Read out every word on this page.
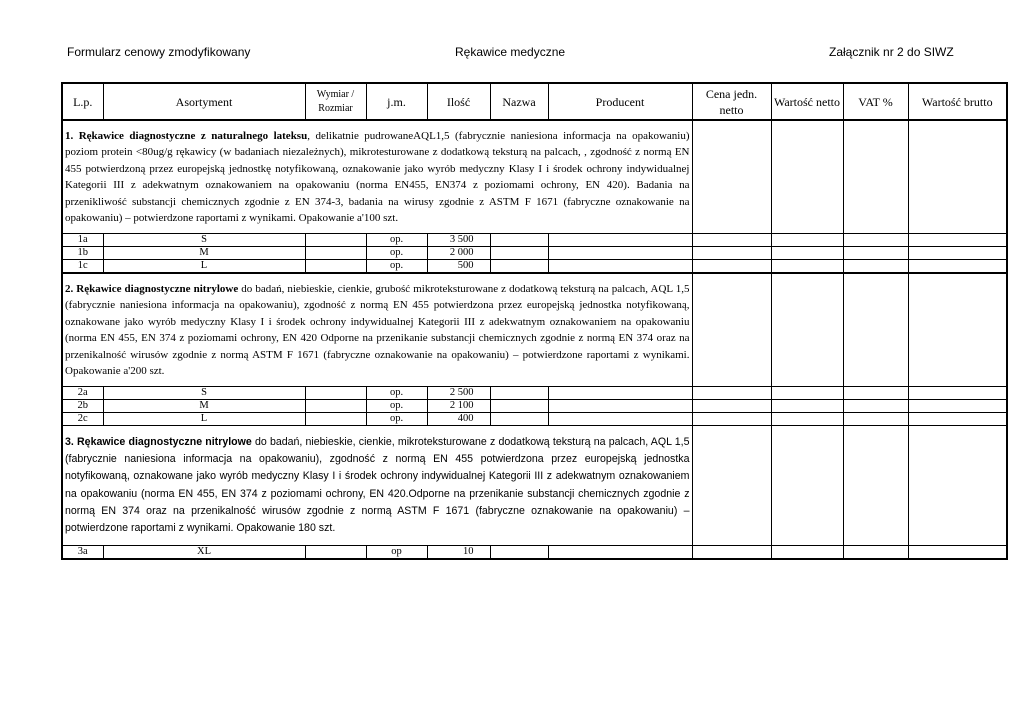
Formularz cenowy zmodyfikowany	Rękawice medyczne	Załącznik nr 2 do SIWZ
L.p.	Asortyment	Wymiar / Rozmiar	j.m.	Ilość	Nazwa	Producent	Cena jedn. netto	Wartość netto	VAT %	Wartość brutto
1. Rękawice diagnostyczne z naturalnego lateksu, delikatnie pudrowaneAQL1,5 (fabrycznie naniesiona informacja na opakowaniu) poziom protein <80ug/g rękawicy (w badaniach niezależnych), mikrotesturowane z dodatkową teksturą na palcach, , zgodność z normą EN 455 potwierdzoną przez europejską jednostkę notyfikowaną, oznakowanie jako wyrób medyczny Klasy I i środek ochrony indywidualnej Kategorii III z adekwatnym oznakowaniem na opakowaniu (norma EN455, EN374 z poziomami ochrony, EN 420). Badania na przenikliwość substancji chemicznych zgodnie z EN 374-3, badania na wirusy zgodnie z ASTM F 1671 (fabryczne oznakowanie na opakowaniu) – potwierdzone raportami z wynikami. Opakowanie a'100 szt.										
1a	S		op.	3 500						
1b	M		op.	2 000						
1c	L		op.	500						
2. Rękawice diagnostyczne nitrylowe do badań, niebieskie, cienkie, grubość mikroteksturowane z dodatkową teksturą na palcach, AQL 1,5 (fabrycznie naniesiona informacja na opakowaniu), zgodność z normą EN 455 potwierdzona przez europejską jednostka notyfikowaną, oznakowane jako wyrób medyczny Klasy I i środek ochrony indywidualnej Kategorii III z adekwatnym oznakowaniem na opakowaniu (norma EN 455, EN 374 z poziomami ochrony, EN 420 Odporne na przenikanie substancji chemicznych zgodnie z normą EN 374 oraz na przenikalność wirusów zgodnie z normą ASTM F 1671 (fabryczne oznakowanie na opakowaniu) – potwierdzone raportami z wynikami. Opakowanie a'200 szt.										
2a	S		op.	2 500						
2b	M		op.	2 100						
2c	L		op.	400						
3. Rękawice diagnostyczne nitrylowe do badań, niebieskie, cienkie, mikroteksturowane z dodatkową teksturą na palcach, AQL 1,5 (fabrycznie naniesiona informacja na opakowaniu), zgodność z normą EN 455 potwierdzona przez europejską jednostka notyfikowaną, oznakowane jako wyrób medyczny Klasy I i środek ochrony indywidualnej Kategorii III z adekwatnym oznakowaniem na opakowaniu (norma EN 455, EN 374 z poziomami ochrony, EN 420.Odporne na przenikanie substancji chemicznych zgodnie z normą EN 374 oraz na przenikalność wirusów zgodnie z normą ASTM F 1671 (fabryczne oznakowanie na opakowaniu) – potwierdzone raportami z wynikami. Opakowanie 180 szt.										
3a	XL		op	10						
